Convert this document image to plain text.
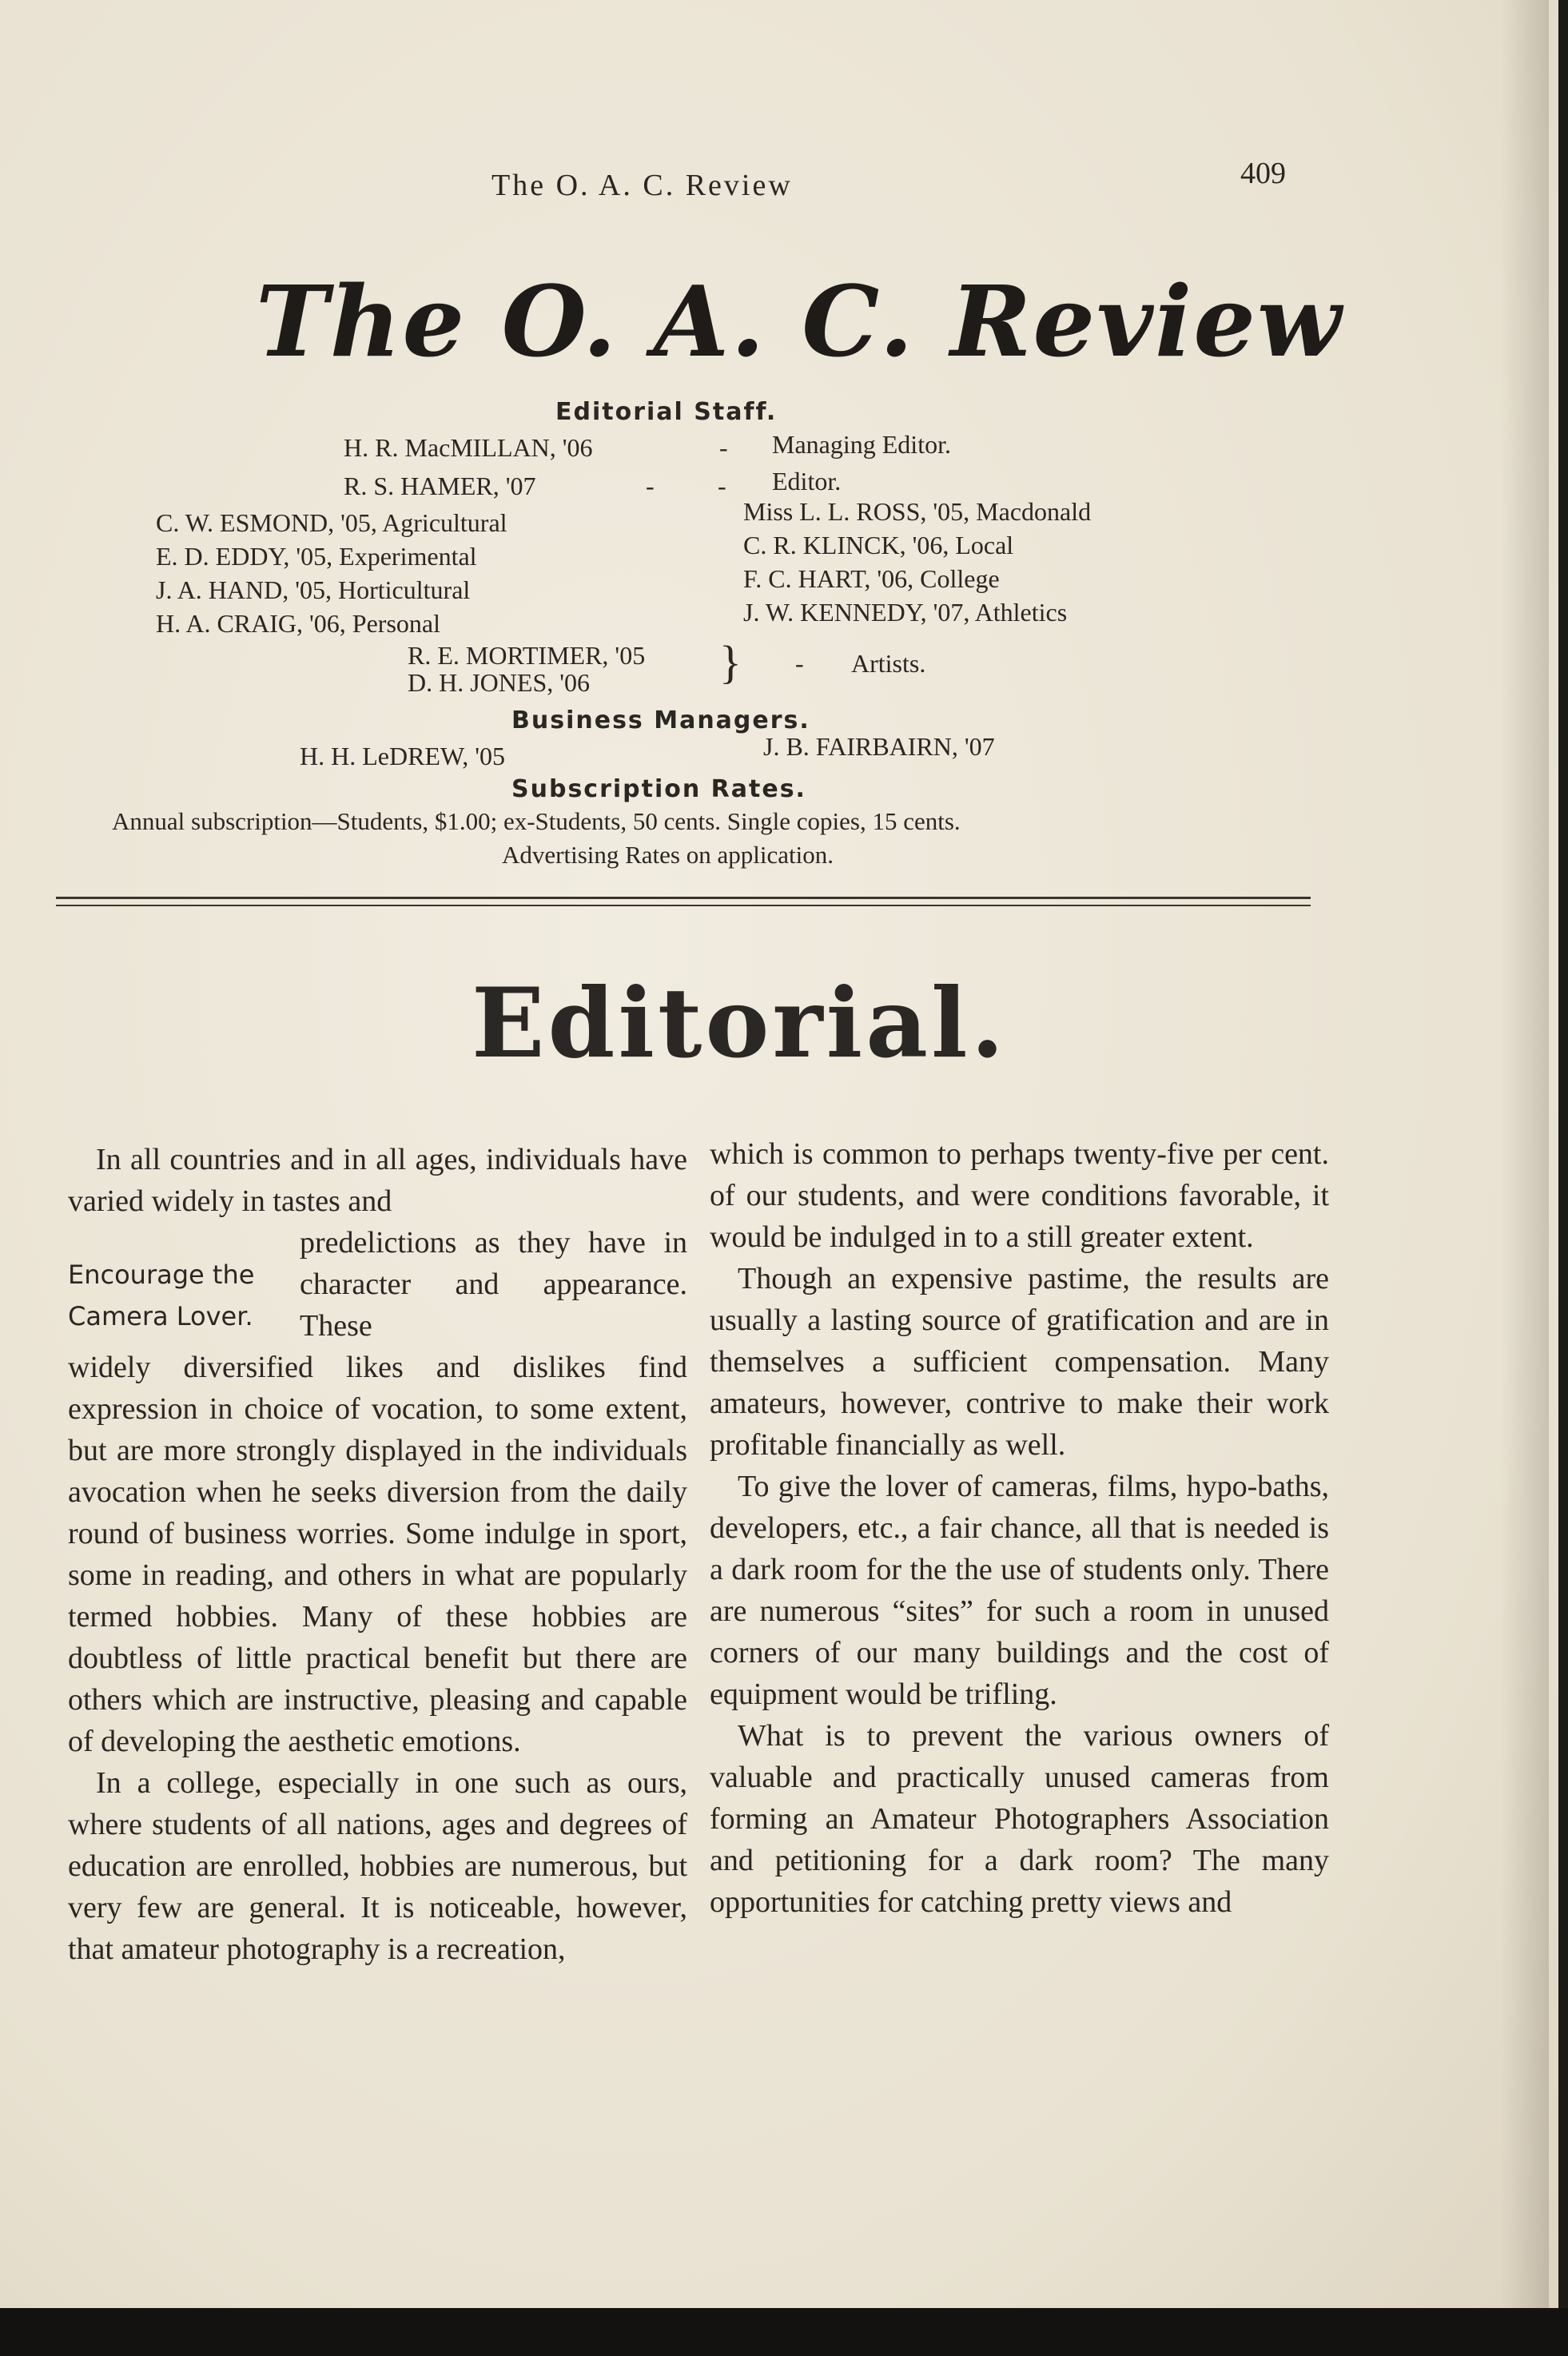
The O. A. C. Review	409
The O. A. C. Review
Editorial Staff.
H. R. MacMILLAN, '06	- Managing Editor.
R. S. HAMER, '07	- - Editor.
C. W. ESMOND, '05, Agricultural
E. D. EDDY, '05, Experimental
J. A. HAND, '05, Horticultural
H. A. CRAIG, '06, Personal
Miss L. L. ROSS, '05, Macdonald
C. R. KLINCK, '06, Local
F. C. HART, '06, College
J. W. KENNEDY, '07, Athletics
R. E. MORTIMER, '05
D. H. JONES, '06	} - Artists.
Business Managers.
H. H. LeDREW, '05	J. B. FAIRBAIRN, '07
Subscription Rates.
Annual subscription—Students, $1.00; ex-Students, 50 cents. Single copies, 15 cents.
Advertising Rates on application.
Editorial.

In all countries and in all ages, individuals have varied widely in tastes and

Encourage the Camera Lover.

predelictions as they have in character and appearance. These

widely diversified likes and dislikes find expression in choice of vocation, to some extent, but are more strongly displayed in the individuals avocation when he seeks diversion from the daily round of business worries. Some indulge in sport, some in reading, and others in what are popularly termed hobbies. Many of these hobbies are doubtless of little practical benefit but there are others which are instructive, pleasing and capable of developing the aesthetic emotions.

In a college, especially in one such as ours, where students of all nations, ages and degrees of education are enrolled, hobbies are numerous, but very few are general. It is noticeable, however, that amateur photography is a recreation,

which is common to perhaps twenty-five per cent. of our students, and were conditions favorable, it would be indulged in to a still greater extent.

Though an expensive pastime, the results are usually a lasting source of gratification and are in themselves a sufficient compensation. Many amateurs, however, contrive to make their work profitable financially as well.

To give the lover of cameras, films, hypo-baths, developers, etc., a fair chance, all that is needed is a dark room for the the use of students only. There are numerous “sites” for such a room in unused corners of our many buildings and the cost of equipment would be trifling.

What is to prevent the various owners of valuable and practically unused cameras from forming an Amateur Photographers Association and petitioning for a dark room? The many opportunities for catching pretty views and
